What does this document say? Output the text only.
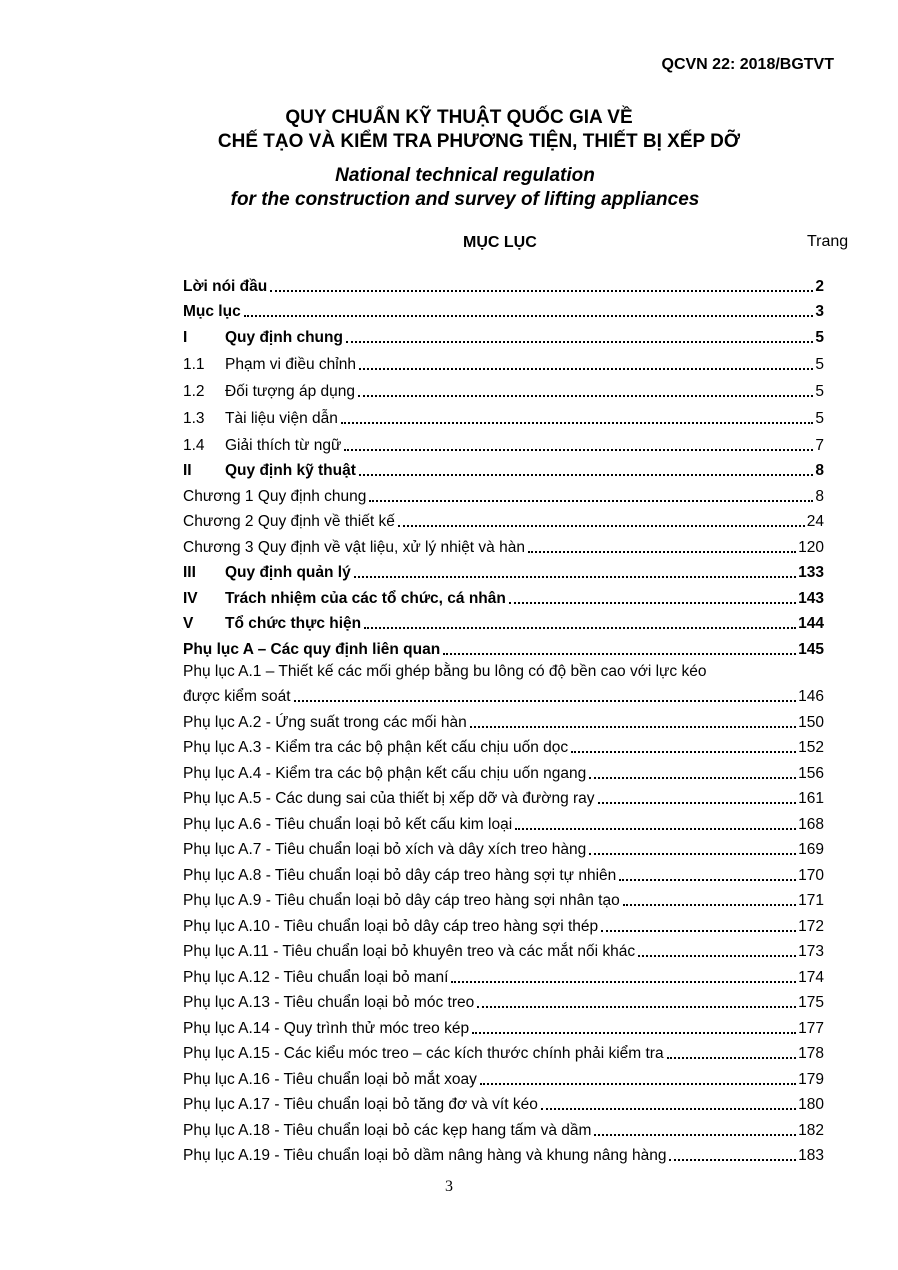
QCVN 22: 2018/BGTVT
QUY CHUẨN KỸ THUẬT QUỐC GIA VỀ
CHẾ TẠO VÀ KIỂM TRA PHƯƠNG TIỆN, THIẾT BỊ XẾP DỠ
National technical regulation
for the construction and survey of lifting appliances
MỤC LỤC	Trang
Lời nói đầu	2
Mục lục	3
I	Quy định chung	5
1.1	Phạm vi điều chỉnh	5
1.2	Đối tượng áp dụng	5
1.3	Tài liệu viện dẫn	5
1.4	Giải thích từ ngữ	7
II	Quy định kỹ thuật	8
Chương 1 Quy định chung	8
Chương 2 Quy định về thiết kế	24
Chương 3 Quy định về vật liệu, xử lý nhiệt và hàn	120
III	Quy định quản lý	133
IV	Trách nhiệm của các tổ chức, cá nhân	143
V	Tổ chức thực hiện	144
Phụ lục A – Các quy định liên quan	145
Phụ lục A.1 – Thiết kế các mối ghép bằng bu lông có độ bền cao với lực kéo
được kiểm soát	146
Phụ lục A.2 - Ứng suất trong các mối hàn	150
Phụ lục A.3 - Kiểm tra các bộ phận kết cấu chịu uốn dọc	152
Phụ lục A.4 - Kiểm tra các bộ phận kết cấu chịu uốn ngang	156
Phụ lục A.5 - Các dung sai của thiết bị xếp dỡ và đường ray	161
Phụ lục A.6 - Tiêu chuẩn loại bỏ kết cấu kim loại	168
Phụ lục A.7 - Tiêu chuẩn loại bỏ xích và dây xích treo hàng	169
Phụ lục A.8 - Tiêu chuẩn loại bỏ dây cáp treo hàng sợi tự nhiên	170
Phụ lục A.9 - Tiêu chuẩn loại bỏ dây cáp treo hàng sợi nhân tạo	171
Phụ lục A.10 - Tiêu chuẩn loại bỏ dây cáp treo hàng sợi thép	172
Phụ lục A.11 - Tiêu chuẩn loại bỏ khuyên treo và các mắt nối khác	173
Phụ lục A.12 - Tiêu chuẩn loại bỏ maní	174
Phụ lục A.13 - Tiêu chuẩn loại bỏ móc treo	175
Phụ lục A.14 - Quy trình thử móc treo kép	177
Phụ lục A.15 - Các kiểu móc treo – các kích thước chính phải kiểm tra	178
Phụ lục A.16 - Tiêu chuẩn loại bỏ mắt xoay	179
Phụ lục A.17 - Tiêu chuẩn loại bỏ tăng đơ và vít kéo	180
Phụ lục A.18 - Tiêu chuẩn loại bỏ các kẹp hang tấm và dầm	182
Phụ lục A.19 - Tiêu chuẩn loại bỏ dầm nâng hàng và khung nâng hàng	183
3
